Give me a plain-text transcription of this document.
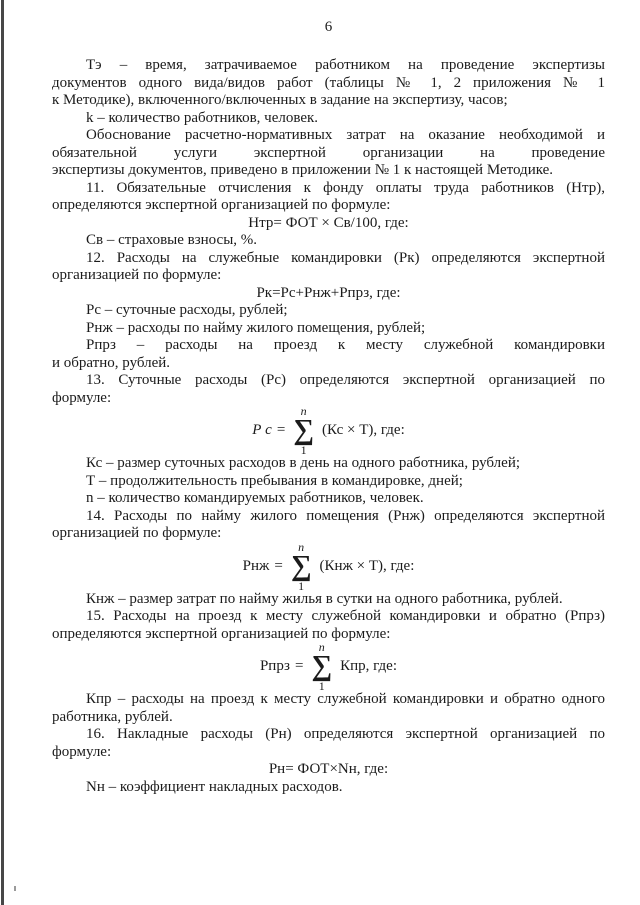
6
Тэ – время, затрачиваемое работником на проведение экспертизы
документов одного вида/видов работ (таблицы № 1, 2 приложения № 1
к Методике), включенного/включенных в задание на экспертизу, часов;
k – количество работников, человек.
Обоснование расчетно-нормативных затрат на оказание необходимой и
обязательной услуги экспертной организации на проведение
экспертизы документов, приведено в приложении № 1 к настоящей Методике.
11. Обязательные отчисления к фонду оплаты труда работников (Нтр),
определяются экспертной организацией по формуле:
Нтр= ФОТ × Св/100, где:
Св – страховые взносы, %.
12. Расходы на служебные командировки (Рк) определяются экспертной
организацией по формуле:
Рк=Рс+Рнж+Рпрз, где:
Рс – суточные расходы, рублей;
Рнж – расходы по найму жилого помещения, рублей;
Рпрз – расходы на проезд к месту служебной командировки
и обратно, рублей.
13. Суточные расходы (Рс) определяются экспертной организацией по
формуле:
Р с =
n
∑
1
(Кс × Т), где:
Кс – размер суточных расходов в день на одного работника, рублей;
Т – продолжительность пребывания в командировке, дней;
n – количество командируемых работников, человек.
14. Расходы по найму жилого помещения (Рнж) определяются экспертной
организацией по формуле:
Рнж =
n
∑
1
(Кнж × Т), где:
Кнж – размер затрат по найму жилья в сутки на одного работника, рублей.
15. Расходы на проезд к месту служебной командировки и обратно (Рпрз)
определяются экспертной организацией по формуле:
Рпрз =
n
∑
1
Кпр, где:
Кпр – расходы на проезд к месту служебной командировки и обратно одного
работника, рублей.
16. Накладные расходы (Рн) определяются экспертной организацией по
формуле:
Рн= ФОТ×Nн, где:
Nн – коэффициент накладных расходов.
